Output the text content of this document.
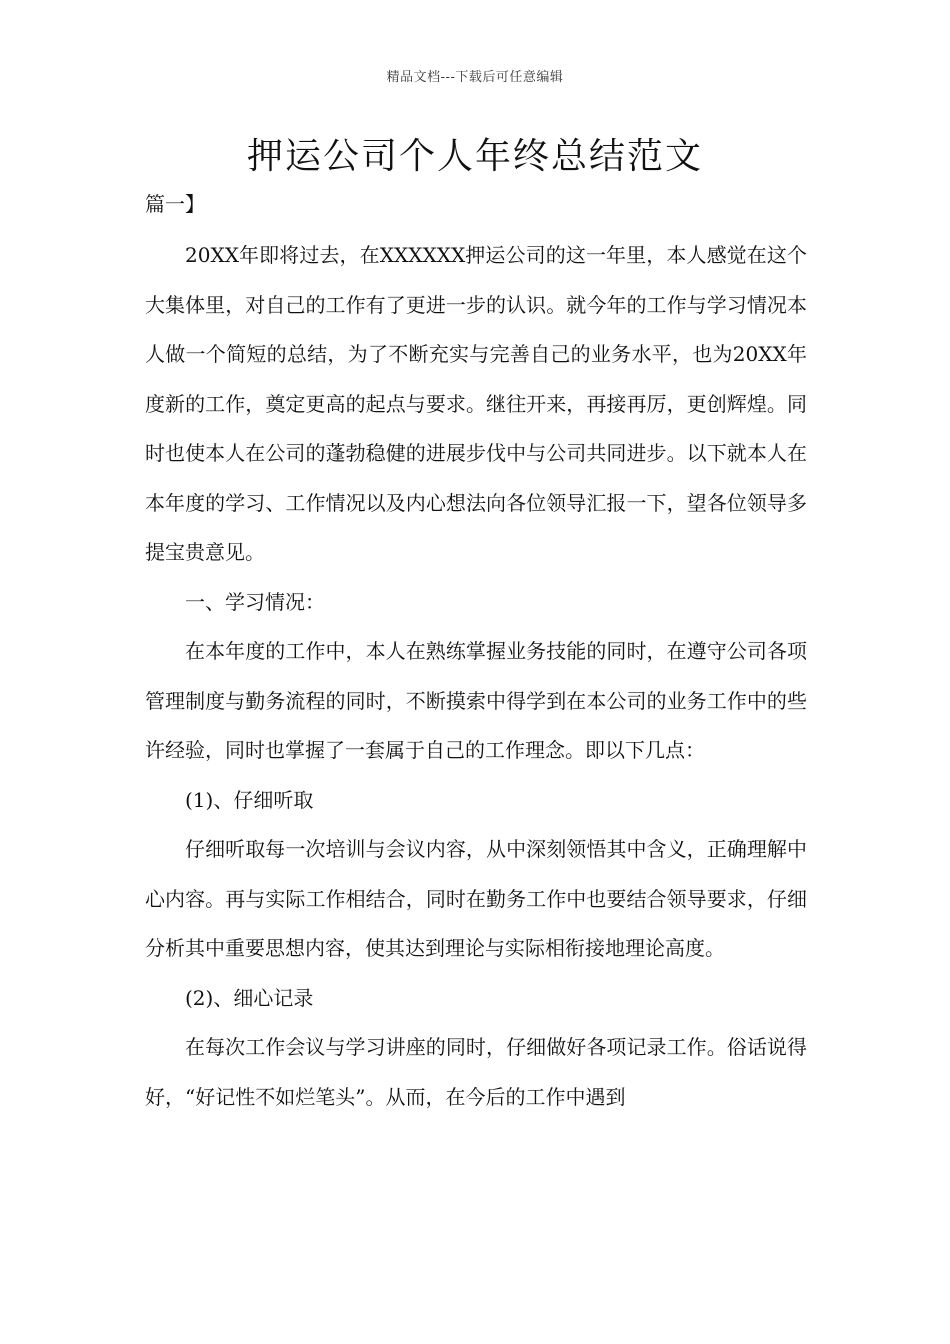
精品文档---下载后可任意编辑
押运公司个人年终总结范文
篇一】

20XX年即将过去，在XXXXXX押运公司的这一年里，本人感觉在这个大集体里，对自己的工作有了更进一步的认识。就今年的工作与学习情况本人做一个简短的总结，为了不断充实与完善自己的业务水平，也为20XX年度新的工作，奠定更高的起点与要求。继往开来，再接再厉，更创辉煌。同时也使本人在公司的蓬勃稳健的进展步伐中与公司共同进步。以下就本人在本年度的学习、工作情况以及内心想法向各位领导汇报一下，望各位领导多提宝贵意见。

一、学习情况：

在本年度的工作中，本人在熟练掌握业务技能的同时，在遵守公司各项管理制度与勤务流程的同时，不断摸索中得学到在本公司的业务工作中的些许经验，同时也掌握了一套属于自己的工作理念。即以下几点：

(1)、仔细听取

仔细听取每一次培训与会议内容，从中深刻领悟其中含义，正确理解中心内容。再与实际工作相结合，同时在勤务工作中也要结合领导要求，仔细分析其中重要思想内容，使其达到理论与实际相衔接地理论高度。

(2)、细心记录

在每次工作会议与学习讲座的同时，仔细做好各项记录工作。俗话说得好，“好记性不如烂笔头”。从而，在今后的工作中遇到
